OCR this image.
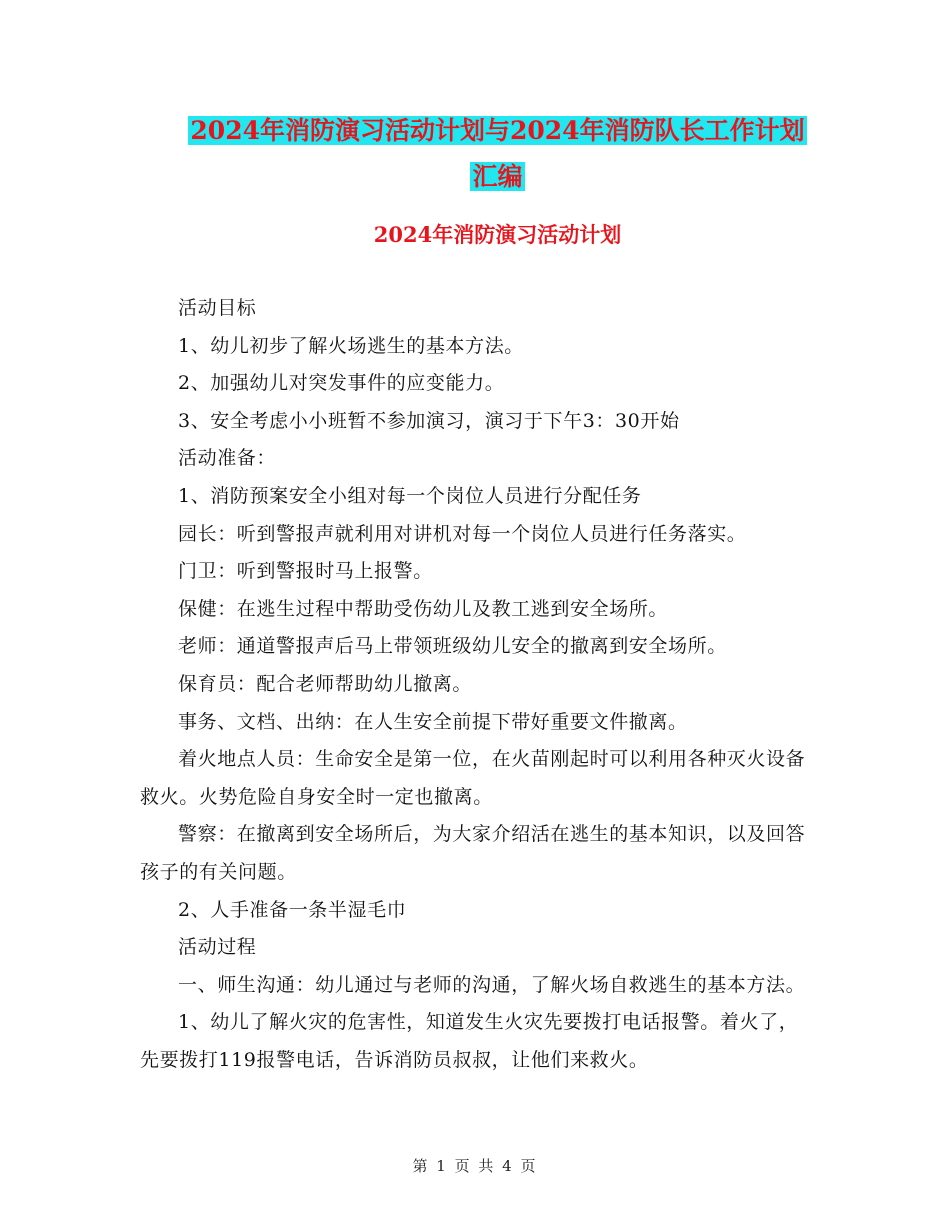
2024年消防演习活动计划与2024年消防队长工作计划
汇编
2024年消防演习活动计划

活动目标

1、幼儿初步了解火场逃生的基本方法。

2、加强幼儿对突发事件的应变能力。

3、安全考虑小小班暂不参加演习，演习于下午3：30开始

活动准备：

1、消防预案安全小组对每一个岗位人员进行分配任务

园长：听到警报声就利用对讲机对每一个岗位人员进行任务落实。

门卫：听到警报时马上报警。

保健：在逃生过程中帮助受伤幼儿及教工逃到安全场所。

老师：通道警报声后马上带领班级幼儿安全的撤离到安全场所。

保育员：配合老师帮助幼儿撤离。

事务、文档、出纳：在人生安全前提下带好重要文件撤离。

着火地点人员：生命安全是第一位，在火苗刚起时可以利用各种灭火设备救火。火势危险自身安全时一定也撤离。

警察：在撤离到安全场所后，为大家介绍活在逃生的基本知识，以及回答孩子的有关问题。

2、人手准备一条半湿毛巾

活动过程

一、师生沟通：幼儿通过与老师的沟通，了解火场自救逃生的基本方法。

1、幼儿了解火灾的危害性，知道发生火灾先要拨打电话报警。着火了，先要拨打119报警电话，告诉消防员叔叔，让他们来救火。

第 1 页 共 4 页
